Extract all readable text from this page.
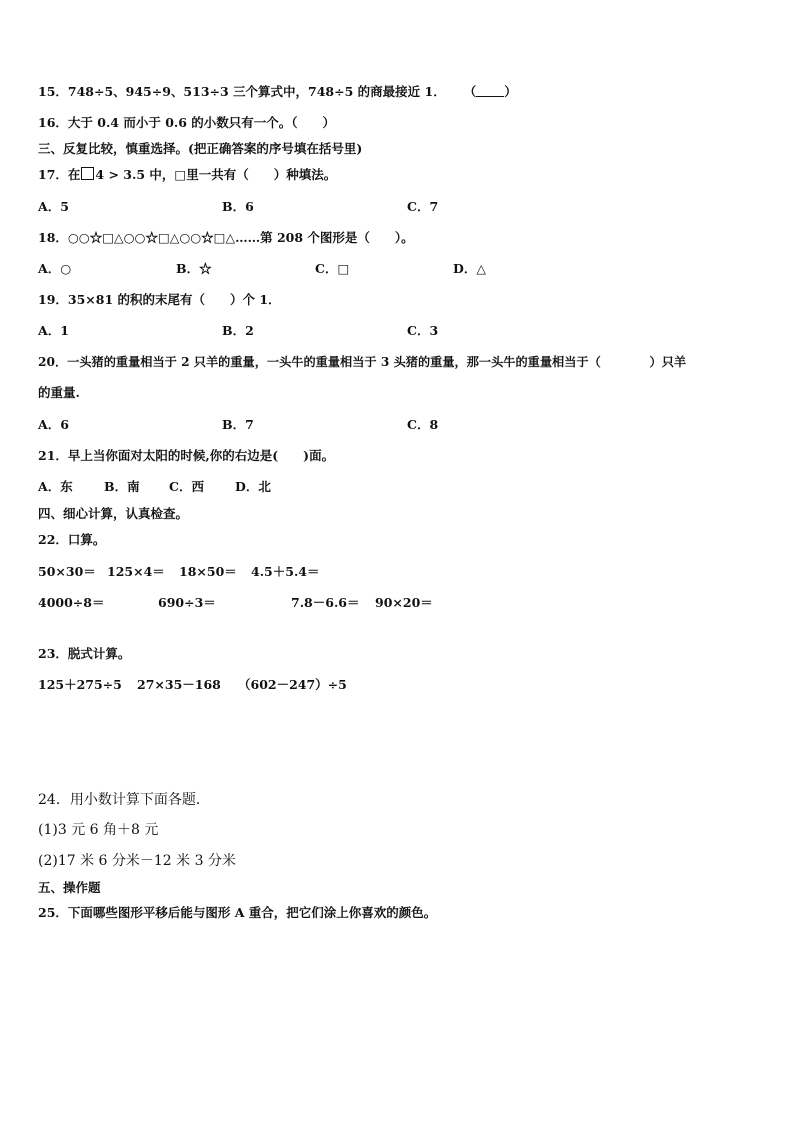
15．748÷5、945÷9、513÷3 三个算式中，748÷5 的商最接近 1． （ ）
16．大于 0.4 而小于 0.6 的小数只有一个。（　　）
三、反复比较，慎重选择。(把正确答案的序号填在括号里)
17．在 4 > 3.5 中，□里一共有（　　）种填法。
A．5	B．6	C．7
18．○○☆□△○○☆□△○○☆□△……第 208 个图形是（　　）。
A．○	B．☆	C．□	D．△
19．35×81 的积的末尾有（　　）个 1．
A．1	B．2	C．3
20．一头猪的重量相当于 2 只羊的重量，一头牛的重量相当于 3 头猪的重量，那一头牛的重量相当于（　　　　）只羊
的重量.
A．6	B．7	C．8
21．早上当你面对太阳的时候,你的右边是(　　)面。
A．东	B．南 C．西 D．北
四、细心计算，认真检查。
22．口算。
50×30＝ 125×4＝ 18×50＝ 4.5＋5.4＝
4000÷8＝	690÷3＝	7.8－6.6＝ 90×20＝
23．脱式计算。
125＋275÷5 27×35－168 （602－247）÷5
24．用小数计算下面各题．
(1)3 元 6 角＋8 元
(2)17 米 6 分米－12 米 3 分米
五、操作题
25．下面哪些图形平移后能与图形 A 重合，把它们涂上你喜欢的颜色。
